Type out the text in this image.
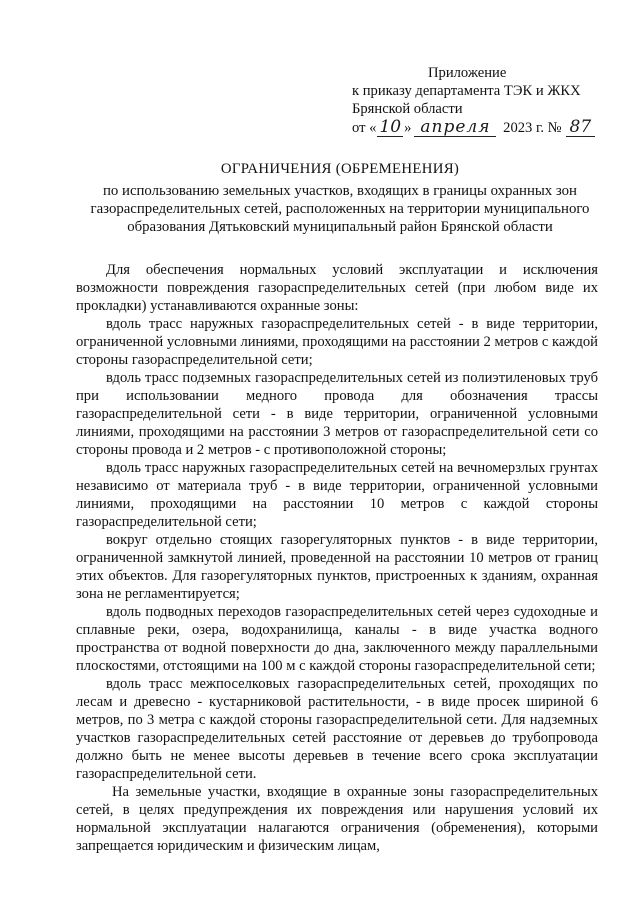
Приложение
к приказу департамента ТЭК и ЖКХ
Брянской области
от « 10 » апреля 2023 г. № 87
ОГРАНИЧЕНИЯ (ОБРЕМЕНЕНИЯ)
по использованию земельных участков, входящих в границы охранных зон газораспределительных сетей, расположенных на территории муниципального образования Дятьковский муниципальный район Брянской области

Для обеспечения нормальных условий эксплуатации и исключения возможности повреждения газораспределительных сетей (при любом виде их прокладки) устанавливаются охранные зоны:

вдоль трасс наружных газораспределительных сетей - в виде территории, ограниченной условными линиями, проходящими на расстоянии 2 метров с каждой стороны газораспределительной сети;

вдоль трасс подземных газораспределительных сетей из полиэтиленовых труб при использовании медного провода для обозначения трассы газораспределительной сети - в виде территории, ограниченной условными линиями, проходящими на расстоянии 3 метров от газораспределительной сети со стороны провода и 2 метров - с противоположной стороны;

вдоль трасс наружных газораспределительных сетей на вечномерзлых грунтах независимо от материала труб - в виде территории, ограниченной условными линиями, проходящими на расстоянии 10 метров с каждой стороны газораспределительной сети;

вокруг отдельно стоящих газорегуляторных пунктов - в виде территории, ограниченной замкнутой линией, проведенной на расстоянии 10 метров от границ этих объектов. Для газорегуляторных пунктов, пристроенных к зданиям, охранная зона не регламентируется;

вдоль подводных переходов газораспределительных сетей через судоходные и сплавные реки, озера, водохранилища, каналы - в виде участка водного пространства от водной поверхности до дна, заключенного между параллельными плоскостями, отстоящими на 100 м с каждой стороны газораспределительной сети;

вдоль трасс межпоселковых газораспределительных сетей, проходящих по лесам и древесно - кустарниковой растительности, - в виде просек шириной 6 метров, по 3 метра с каждой стороны газораспределительной сети. Для надземных участков газораспределительных сетей расстояние от деревьев до трубопровода должно быть не менее высоты деревьев в течение всего срока эксплуатации газораспределительной сети.

На земельные участки, входящие в охранные зоны газораспределительных сетей, в целях предупреждения их повреждения или нарушения условий их нормальной эксплуатации налагаются ограничения (обременения), которыми запрещается юридическим и физическим лицам,
